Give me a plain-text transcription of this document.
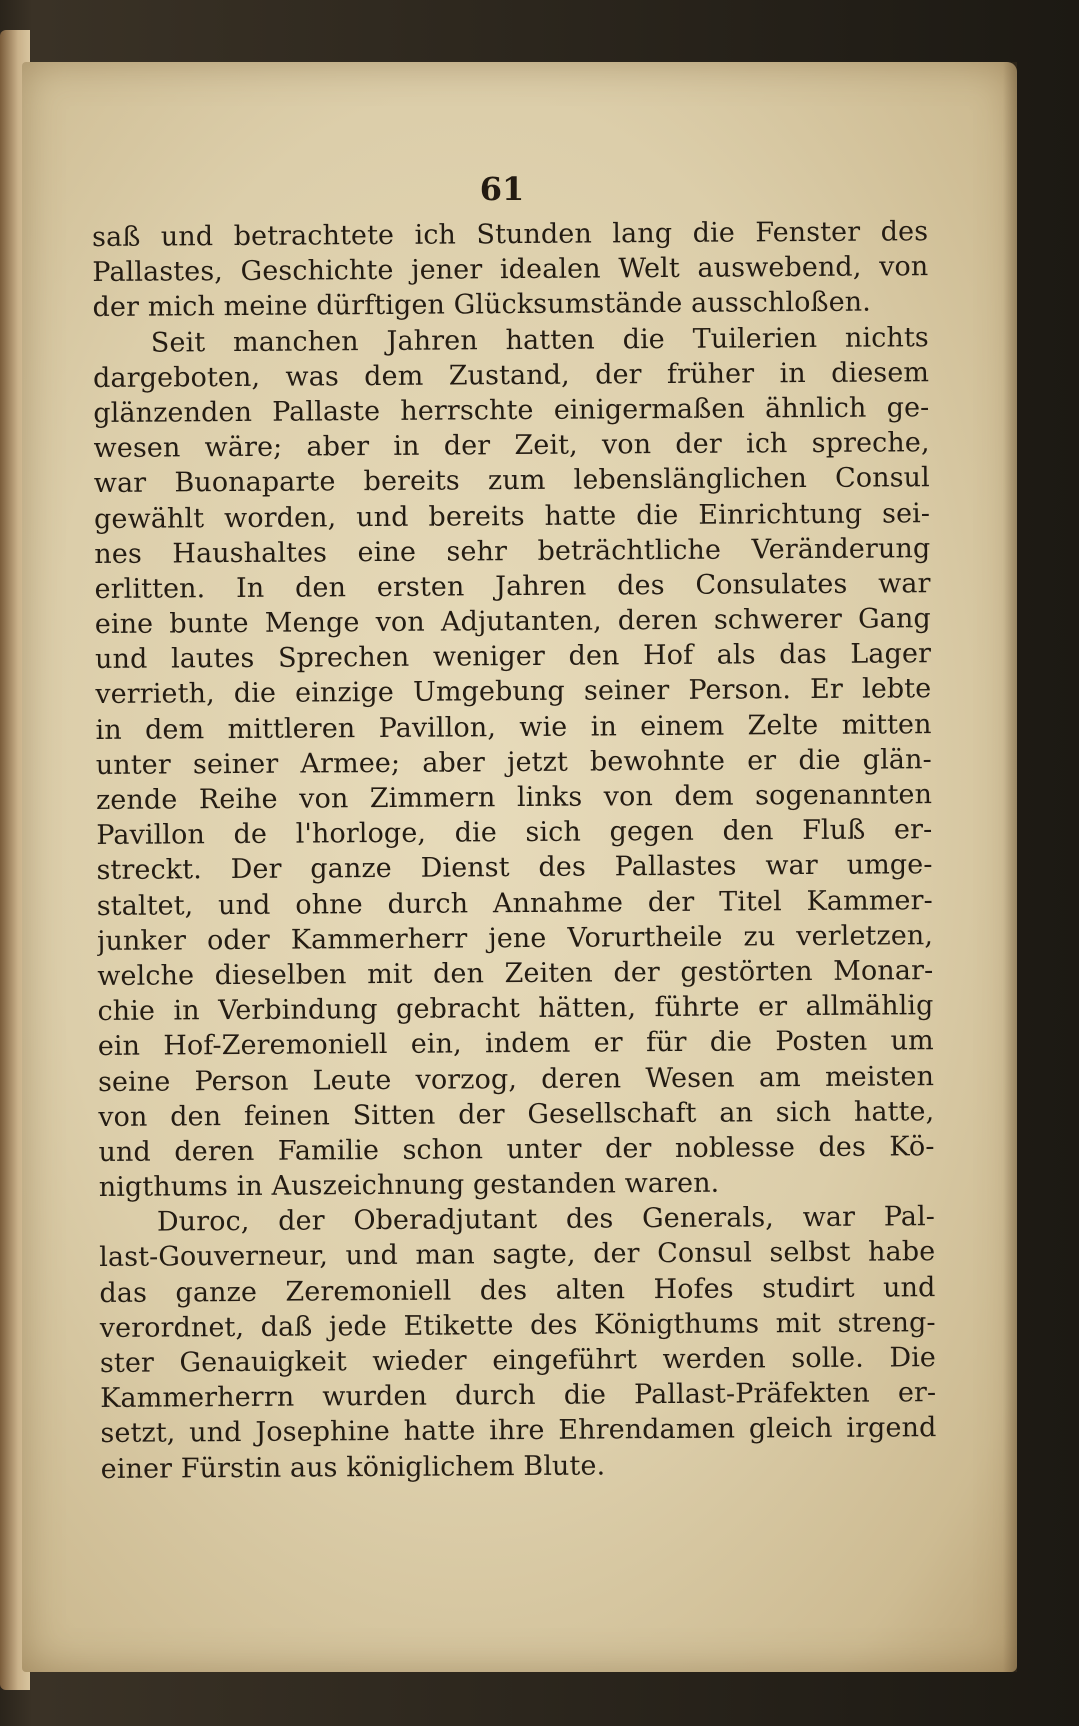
61
saß und betrachtete ich Stunden lang die Fenster des
Pallastes, Geschichte jener idealen Welt auswebend, von
der mich meine dürftigen Glücksumstände ausschloßen.
Seit manchen Jahren hatten die Tuilerien nichts
dargeboten, was dem Zustand, der früher in diesem
glänzenden Pallaste herrschte einigermaßen ähnlich ge-
wesen wäre; aber in der Zeit, von der ich spreche,
war Buonaparte bereits zum lebenslänglichen Consul
gewählt worden, und bereits hatte die Einrichtung sei-
nes Haushaltes eine sehr beträchtliche Veränderung
erlitten. In den ersten Jahren des Consulates war
eine bunte Menge von Adjutanten, deren schwerer Gang
und lautes Sprechen weniger den Hof als das Lager
verrieth, die einzige Umgebung seiner Person. Er lebte
in dem mittleren Pavillon, wie in einem Zelte mitten
unter seiner Armee; aber jetzt bewohnte er die glän-
zende Reihe von Zimmern links von dem sogenannten
Pavillon de l'horloge, die sich gegen den Fluß er-
streckt. Der ganze Dienst des Pallastes war umge-
staltet, und ohne durch Annahme der Titel Kammer-
junker oder Kammerherr jene Vorurtheile zu verletzen,
welche dieselben mit den Zeiten der gestörten Monar-
chie in Verbindung gebracht hätten, führte er allmählig
ein Hof-Zeremoniell ein, indem er für die Posten um
seine Person Leute vorzog, deren Wesen am meisten
von den feinen Sitten der Gesellschaft an sich hatte,
und deren Familie schon unter der noblesse des Kö-
nigthums in Auszeichnung gestanden waren.
Duroc, der Oberadjutant des Generals, war Pal-
last-Gouverneur, und man sagte, der Consul selbst habe
das ganze Zeremoniell des alten Hofes studirt und
verordnet, daß jede Etikette des Königthums mit streng-
ster Genauigkeit wieder eingeführt werden solle. Die
Kammerherrn wurden durch die Pallast-Präfekten er-
setzt, und Josephine hatte ihre Ehrendamen gleich irgend
einer Fürstin aus königlichem Blute.
